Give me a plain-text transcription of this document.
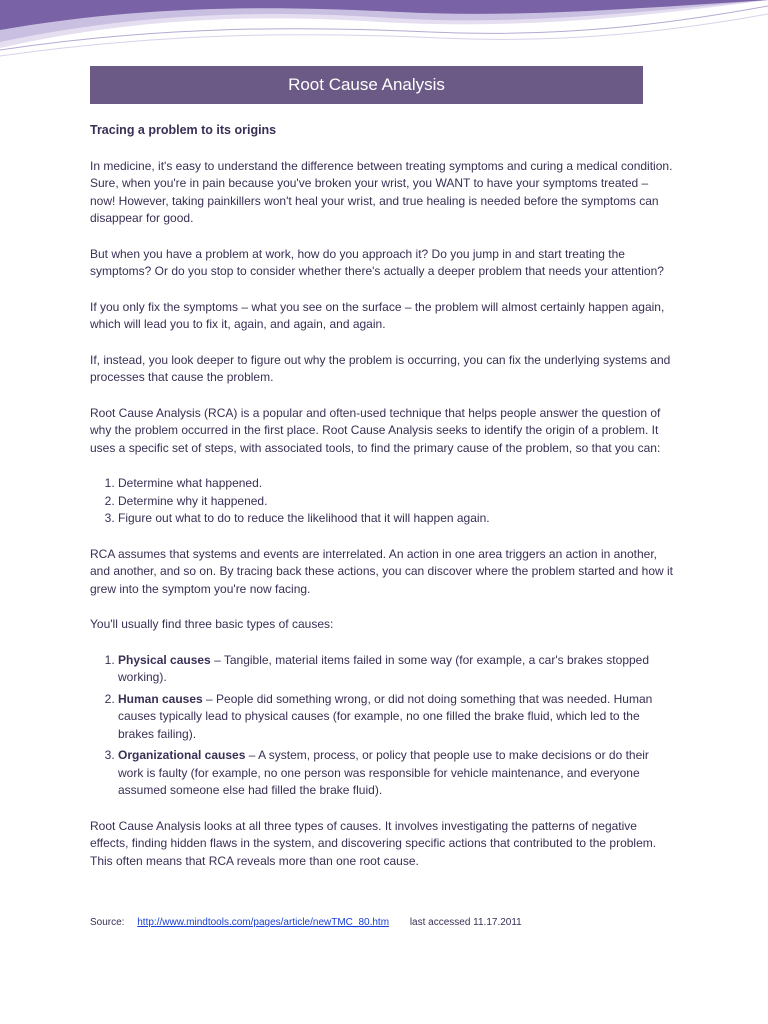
Root Cause Analysis

Tracing a problem to its origins

In medicine, it's easy to understand the difference between treating symptoms and curing a medical condition. Sure, when you're in pain because you've broken your wrist, you WANT to have your symptoms treated – now! However, taking painkillers won't heal your wrist, and true healing is needed before the symptoms can disappear for good.

But when you have a problem at work, how do you approach it? Do you jump in and start treating the symptoms? Or do you stop to consider whether there's actually a deeper problem that needs your attention?

If you only fix the symptoms – what you see on the surface – the problem will almost certainly happen again, which will lead you to fix it, again, and again, and again.

If, instead, you look deeper to figure out why the problem is occurring, you can fix the underlying systems and processes that cause the problem.

Root Cause Analysis (RCA) is a popular and often-used technique that helps people answer the question of why the problem occurred in the first place. Root Cause Analysis seeks to identify the origin of a problem. It uses a specific set of steps, with associated tools, to find the primary cause of the problem, so that you can:

1. Determine what happened.
2. Determine why it happened.
3. Figure out what to do to reduce the likelihood that it will happen again.

RCA assumes that systems and events are interrelated. An action in one area triggers an action in another, and another, and so on. By tracing back these actions, you can discover where the problem started and how it grew into the symptom you're now facing.

You'll usually find three basic types of causes:

1. Physical causes – Tangible, material items failed in some way (for example, a car's brakes stopped working).
2. Human causes – People did something wrong, or did not doing something that was needed. Human causes typically lead to physical causes (for example, no one filled the brake fluid, which led to the brakes failing).
3. Organizational causes – A system, process, or policy that people use to make decisions or do their work is faulty (for example, no one person was responsible for vehicle maintenance, and everyone assumed someone else had filled the brake fluid).

Root Cause Analysis looks at all three types of causes. It involves investigating the patterns of negative effects, finding hidden flaws in the system, and discovering specific actions that contributed to the problem. This often means that RCA reveals more than one root cause.

Source: http://www.mindtools.com/pages/article/newTMC_80.htm last accessed 11.17.2011
